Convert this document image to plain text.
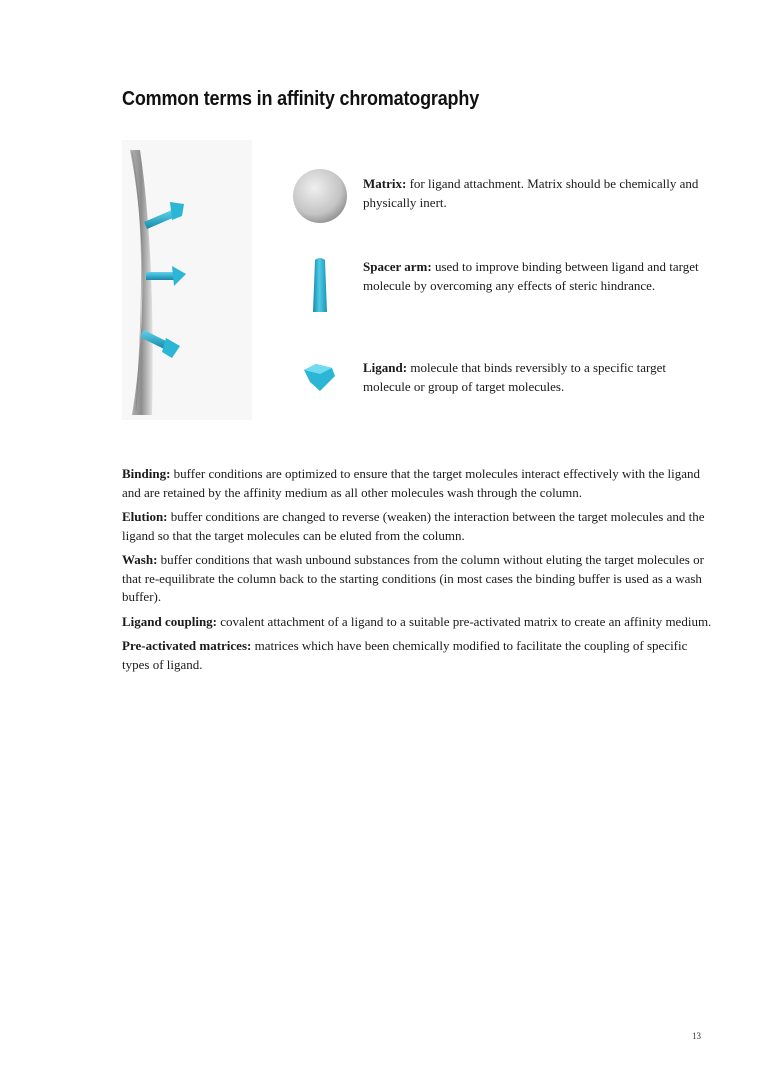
Common terms in affinity chromatography

Matrix: for ligand attachment. Matrix should be chemically and physically inert.

Spacer arm: used to improve binding between ligand and target molecule by overcoming any effects of steric hindrance.

Ligand: molecule that binds reversibly to a specific target molecule or group of target molecules.

Binding: buffer conditions are optimized to ensure that the target molecules interact effectively with the ligand and are retained by the affinity medium as all other molecules wash through the column.

Elution: buffer conditions are changed to reverse (weaken) the interaction between the target molecules and the ligand so that the target molecules can be eluted from the column.

Wash: buffer conditions that wash unbound substances from the column without eluting the target molecules or that re-equilibrate the column back to the starting conditions (in most cases the binding buffer is used as a wash buffer).

Ligand coupling: covalent attachment of a ligand to a suitable pre-activated matrix to create an affinity medium.

Pre-activated matrices: matrices which have been chemically modified to facilitate the coupling of specific types of ligand.

13
